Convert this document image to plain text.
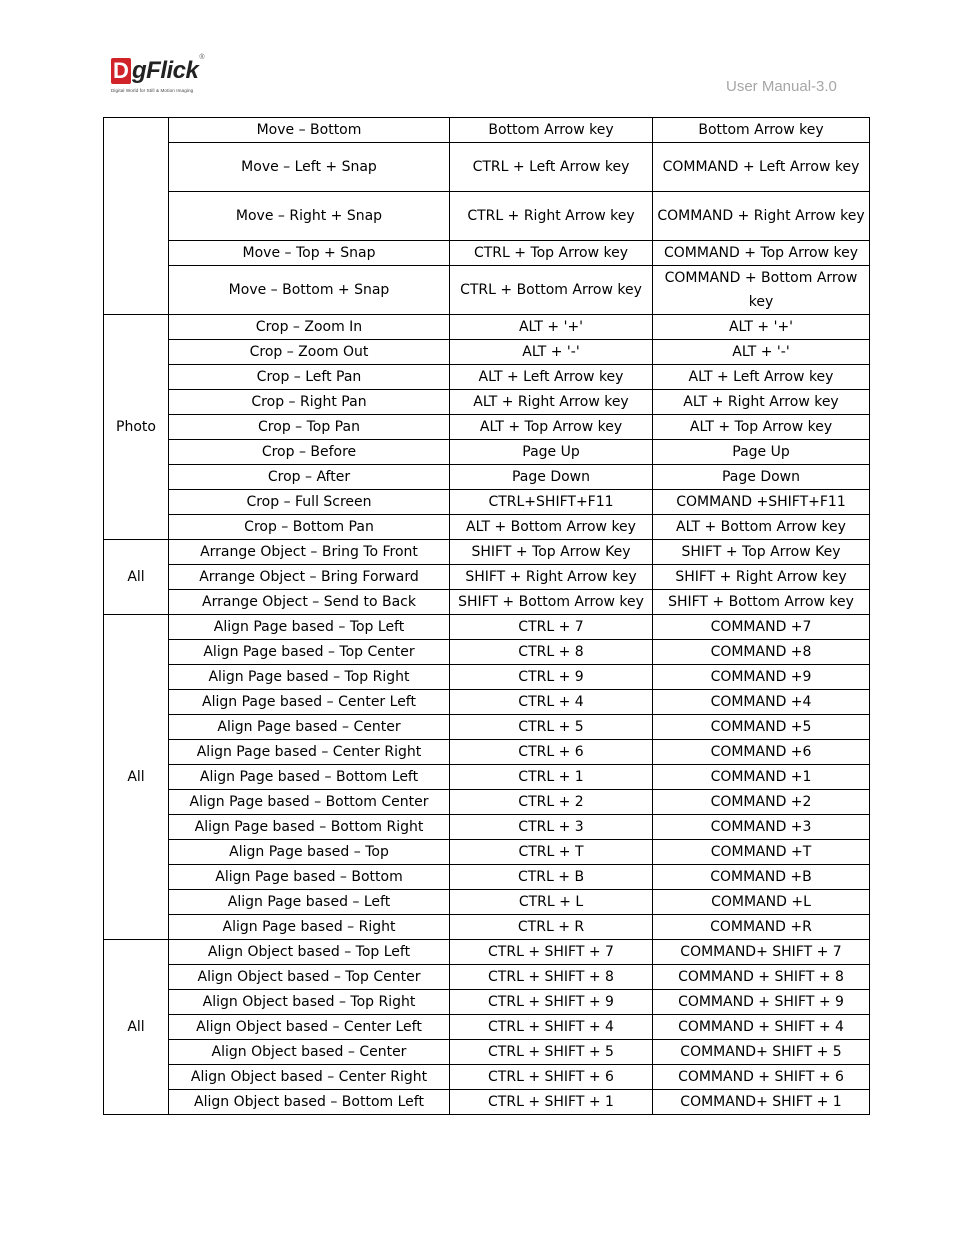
D gFlick ®
Digital World for Still & Motion Imaging	User Manual-3.0
	Move – Bottom	Bottom Arrow key	Bottom Arrow key
	Move – Left + Snap	CTRL + Left Arrow key	COMMAND + Left Arrow key
	Move – Right + Snap	CTRL + Right Arrow key	COMMAND + Right Arrow key
	Move – Top + Snap	CTRL + Top Arrow key	COMMAND + Top Arrow key
	Move – Bottom + Snap	CTRL + Bottom Arrow key	COMMAND + Bottom Arrow key
Photo	Crop – Zoom In	ALT + '+'	ALT + '+'
	Crop – Zoom Out	ALT + '-'	ALT + '-'
	Crop – Left Pan	ALT + Left Arrow key	ALT + Left Arrow key
	Crop – Right Pan	ALT + Right Arrow key	ALT + Right Arrow key
	Crop – Top Pan	ALT + Top Arrow key	ALT + Top Arrow key
	Crop – Before	Page Up	Page Up
	Crop – After	Page Down	Page Down
	Crop – Full Screen	CTRL+SHIFT+F11	COMMAND +SHIFT+F11
	Crop – Bottom Pan	ALT + Bottom Arrow key	ALT + Bottom Arrow key
All	Arrange Object – Bring To Front	SHIFT + Top Arrow Key	SHIFT + Top Arrow Key
	Arrange Object – Bring Forward	SHIFT + Right Arrow key	SHIFT + Right Arrow key
	Arrange Object – Send to Back	SHIFT + Bottom Arrow key	SHIFT + Bottom Arrow key
All	Align Page based – Top Left	CTRL + 7	COMMAND +7
	Align Page based – Top Center	CTRL + 8	COMMAND +8
	Align Page based – Top Right	CTRL + 9	COMMAND +9
	Align Page based – Center Left	CTRL + 4	COMMAND +4
	Align Page based – Center	CTRL + 5	COMMAND +5
	Align Page based – Center Right	CTRL + 6	COMMAND +6
	Align Page based – Bottom Left	CTRL + 1	COMMAND +1
	Align Page based – Bottom Center	CTRL + 2	COMMAND +2
	Align Page based – Bottom Right	CTRL + 3	COMMAND +3
	Align Page based – Top	CTRL + T	COMMAND +T
	Align Page based – Bottom	CTRL + B	COMMAND +B
	Align Page based – Left	CTRL + L	COMMAND +L
	Align Page based – Right	CTRL + R	COMMAND +R
All	Align Object based – Top Left	CTRL + SHIFT + 7	COMMAND+ SHIFT + 7
	Align Object based – Top Center	CTRL + SHIFT + 8	COMMAND + SHIFT + 8
	Align Object based – Top Right	CTRL + SHIFT + 9	COMMAND + SHIFT + 9
	Align Object based – Center Left	CTRL + SHIFT + 4	COMMAND + SHIFT + 4
	Align Object based – Center	CTRL + SHIFT + 5	COMMAND+ SHIFT + 5
	Align Object based – Center Right	CTRL + SHIFT + 6	COMMAND + SHIFT + 6
	Align Object based – Bottom Left	CTRL + SHIFT + 1	COMMAND+ SHIFT + 1
